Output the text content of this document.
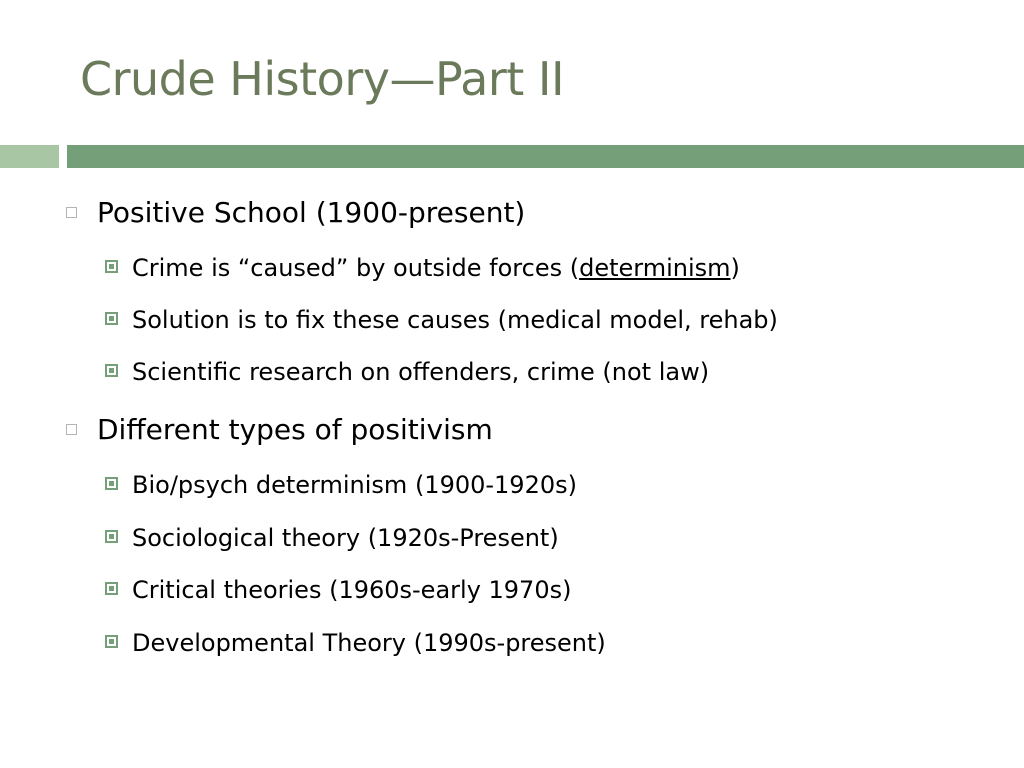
Crude History—Part II
Positive School (1900-present)
Crime is “caused” by outside forces (determinism)
Solution is to fix these causes (medical model, rehab)
Scientific research on offenders, crime (not law)
Different types of positivism
Bio/psych determinism (1900-1920s)
Sociological theory (1920s-Present)
Critical theories (1960s-early 1970s)
Developmental Theory (1990s-present)
